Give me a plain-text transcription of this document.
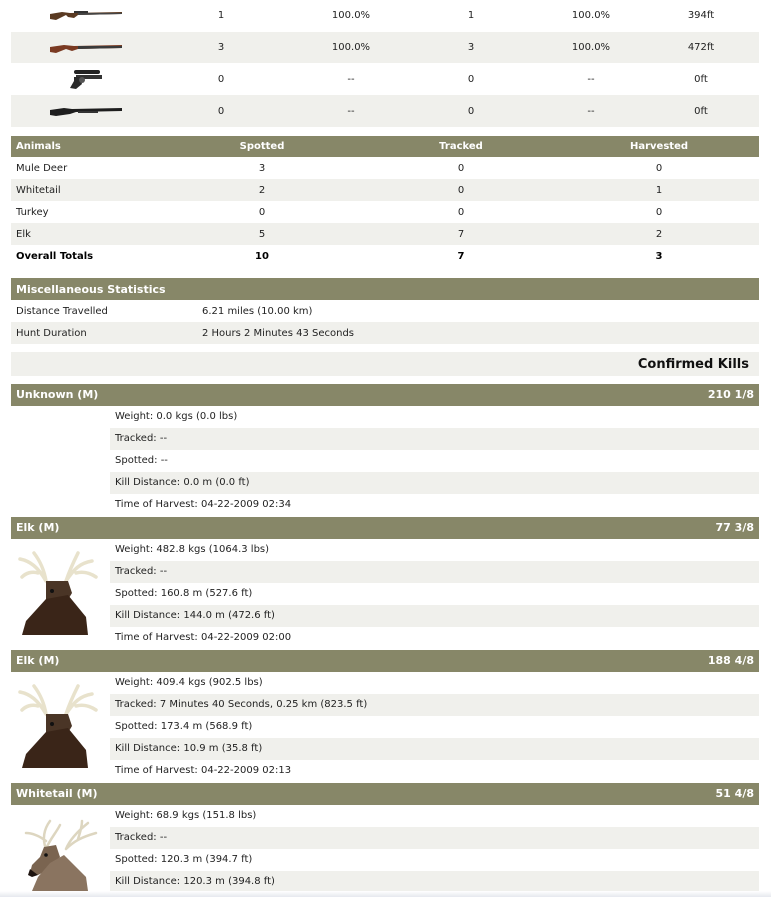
1	100.0%	1	100.0%	394ft
3	100.0%	3	100.0%	472ft
0	--	0	--	0ft
0	--	0	--	0ft
Animals	Spotted	Tracked	Harvested
Mule Deer	3	0	0
Whitetail	2	0	1
Turkey	0	0	0
Elk	5	7	2
Overall Totals	10	7	3
Miscellaneous Statistics
Distance Travelled	6.21 miles (10.00 km)
Hunt Duration	2 Hours 2 Minutes 43 Seconds
Confirmed Kills
Unknown (M)	210 1/8
Weight: 0.0 kgs (0.0 lbs)
Tracked: --
Spotted: --
Kill Distance: 0.0 m (0.0 ft)
Time of Harvest: 04-22-2009 02:34
Elk (M)	77 3/8
Weight: 482.8 kgs (1064.3 lbs)
Tracked: --
Spotted: 160.8 m (527.6 ft)
Kill Distance: 144.0 m (472.6 ft)
Time of Harvest: 04-22-2009 02:00
Elk (M)	188 4/8
Weight: 409.4 kgs (902.5 lbs)
Tracked: 7 Minutes 40 Seconds, 0.25 km (823.5 ft)
Spotted: 173.4 m (568.9 ft)
Kill Distance: 10.9 m (35.8 ft)
Time of Harvest: 04-22-2009 02:13
Whitetail (M)	51 4/8
Weight: 68.9 kgs (151.8 lbs)
Tracked: --
Spotted: 120.3 m (394.7 ft)
Kill Distance: 120.3 m (394.8 ft)
